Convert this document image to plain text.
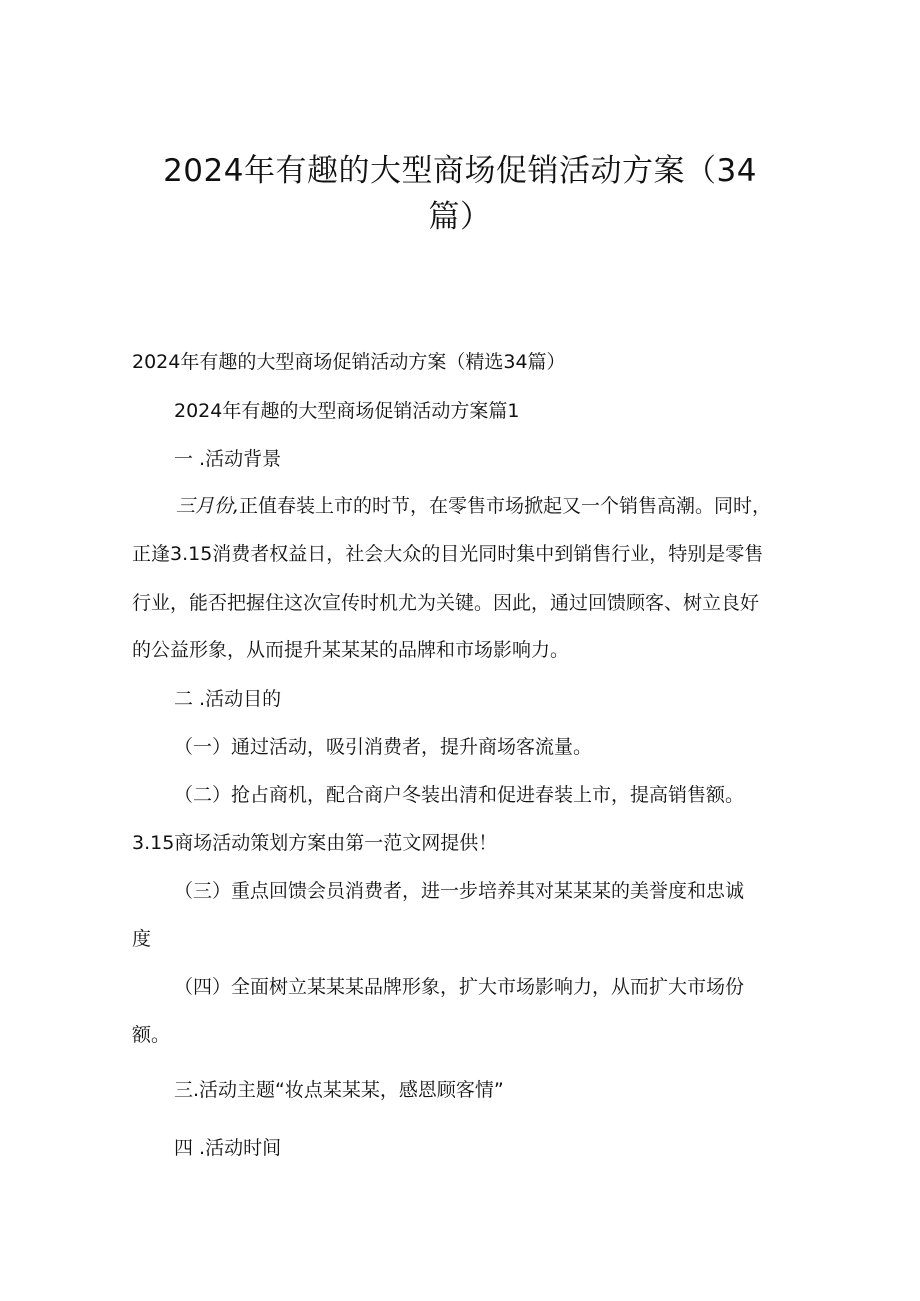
2024年有趣的大型商场促销活动方案（34
篇）

2024年有趣的大型商场促销活动方案（精选34篇）

2024年有趣的大型商场促销活动方案篇1

一 .活动背景

三月份,正值春装上市的时节，在零售市场掀起又一个销售高潮。同时，

正逢3.15消费者权益日，社会大众的目光同时集中到销售行业，特别是零售

行业，能否把握住这次宣传时机尤为关键。因此，通过回馈顾客、树立良好

的公益形象，从而提升某某某的品牌和市场影响力。

二 .活动目的

（一）通过活动，吸引消费者，提升商场客流量。

（二）抢占商机，配合商户冬装出清和促进春装上市，提高销售额。

3.15商场活动策划方案由第一范文网提供！

（三）重点回馈会员消费者，进一步培养其对某某某的美誉度和忠诚

度

（四）全面树立某某某品牌形象，扩大市场影响力，从而扩大市场份

额。

三.活动主题“妆点某某某，感恩顾客情”

四 .活动时间
